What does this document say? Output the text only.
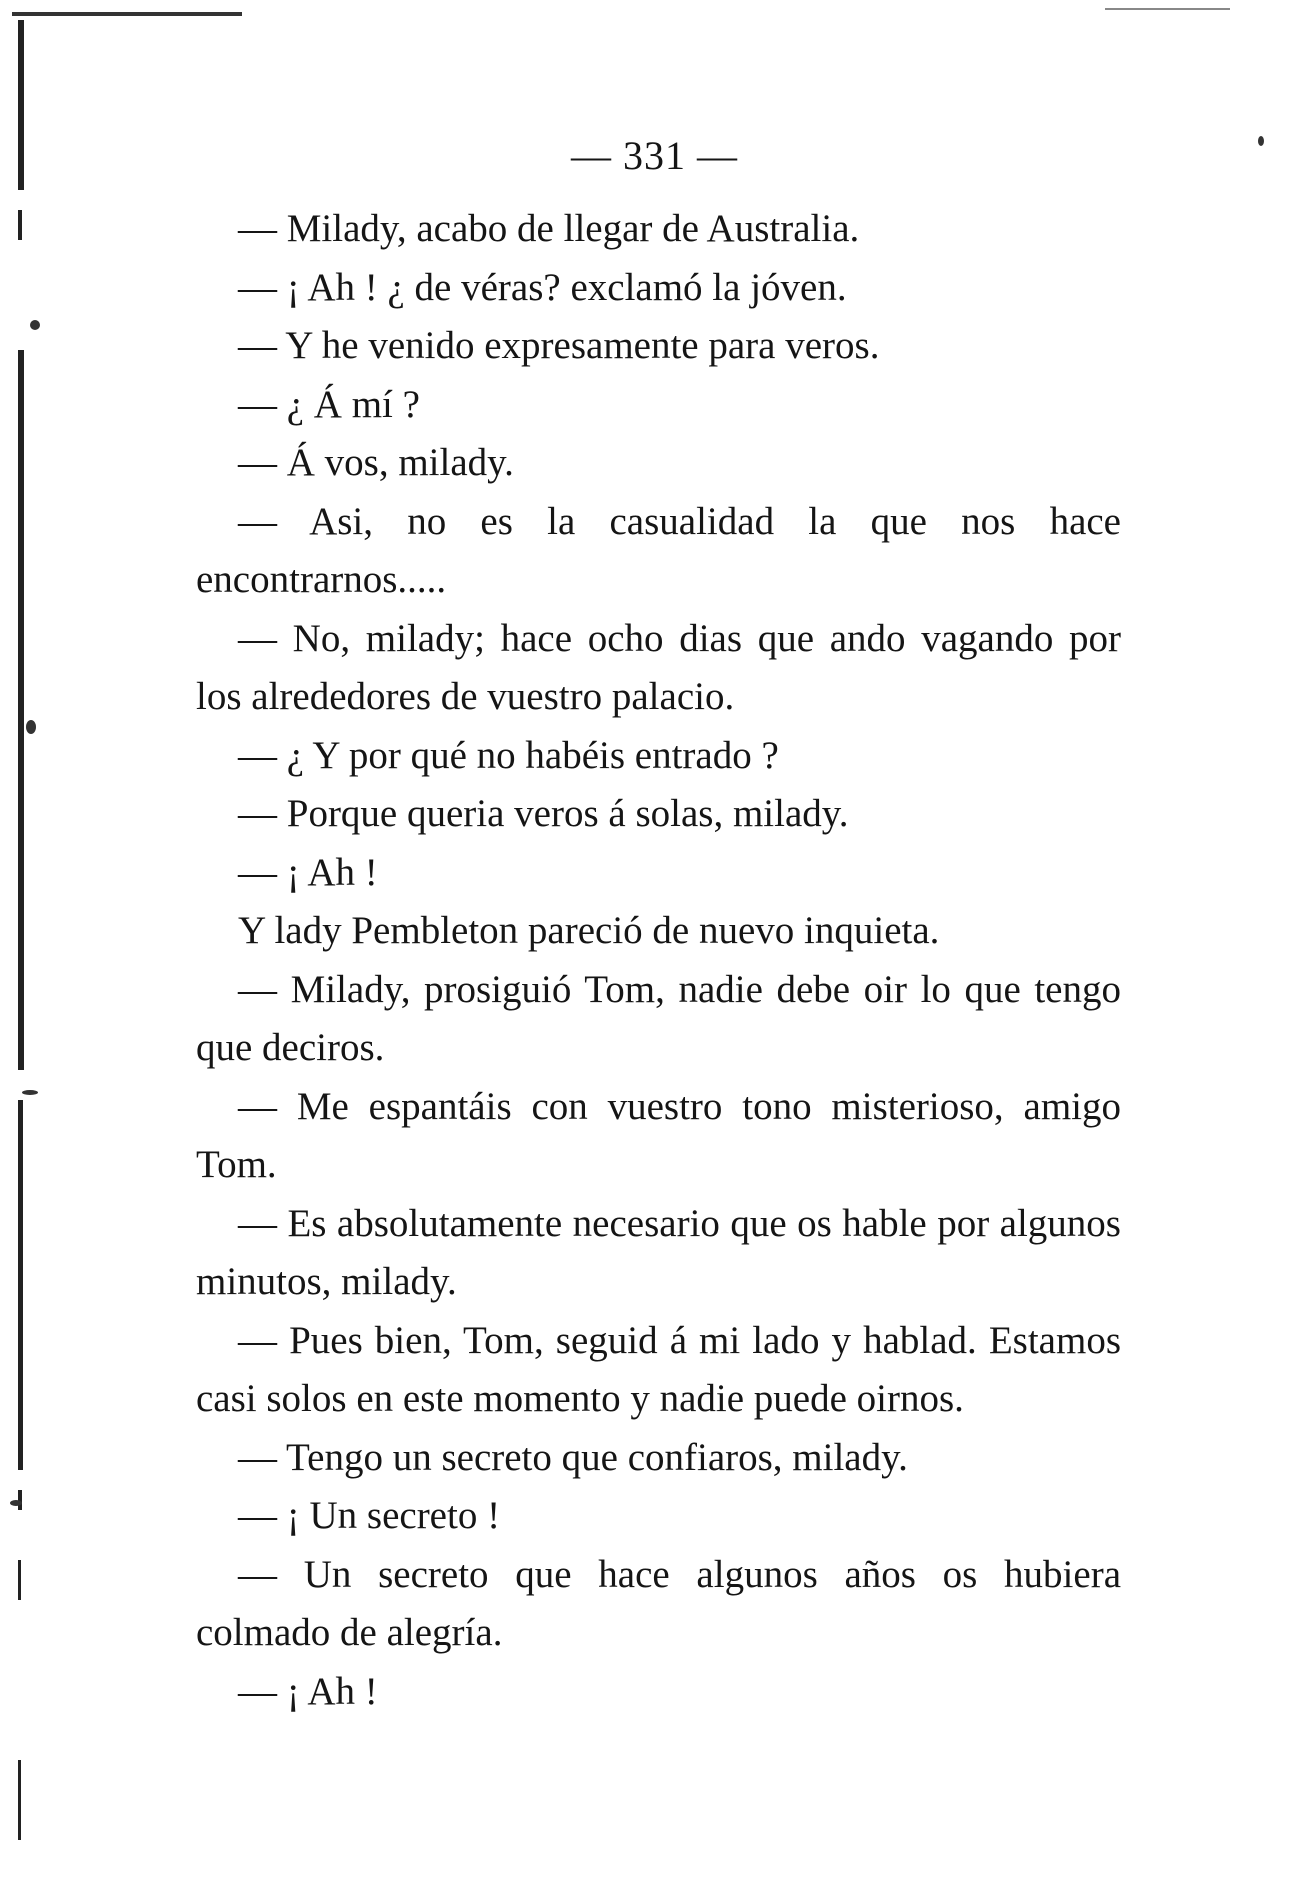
— 331 —

— Milady, acabo de llegar de Australia.

— ¡ Ah ! ¿ de véras? exclamó la jóven.

— Y he venido expresamente para veros.

— ¿ Á mí ?

— Á vos, milady.

— Asi, no es la casualidad la que nos hace encontrarnos.....

— No, milady; hace ocho dias que ando vagando por los alrededores de vuestro palacio.

— ¿ Y por qué no habéis entrado ?

— Porque queria veros á solas, milady.

— ¡ Ah !

Y lady Pembleton pareció de nuevo inquieta.

— Milady, prosiguió Tom, nadie debe oir lo que tengo que deciros.

— Me espantáis con vuestro tono misterioso, amigo Tom.

— Es absolutamente necesario que os hable por algunos minutos, milady.

— Pues bien, Tom, seguid á mi lado y hablad. Estamos casi solos en este momento y nadie puede oirnos.

— Tengo un secreto que confiaros, milady.

— ¡ Un secreto !

— Un secreto que hace algunos años os hubiera colmado de alegría.

— ¡ Ah !
